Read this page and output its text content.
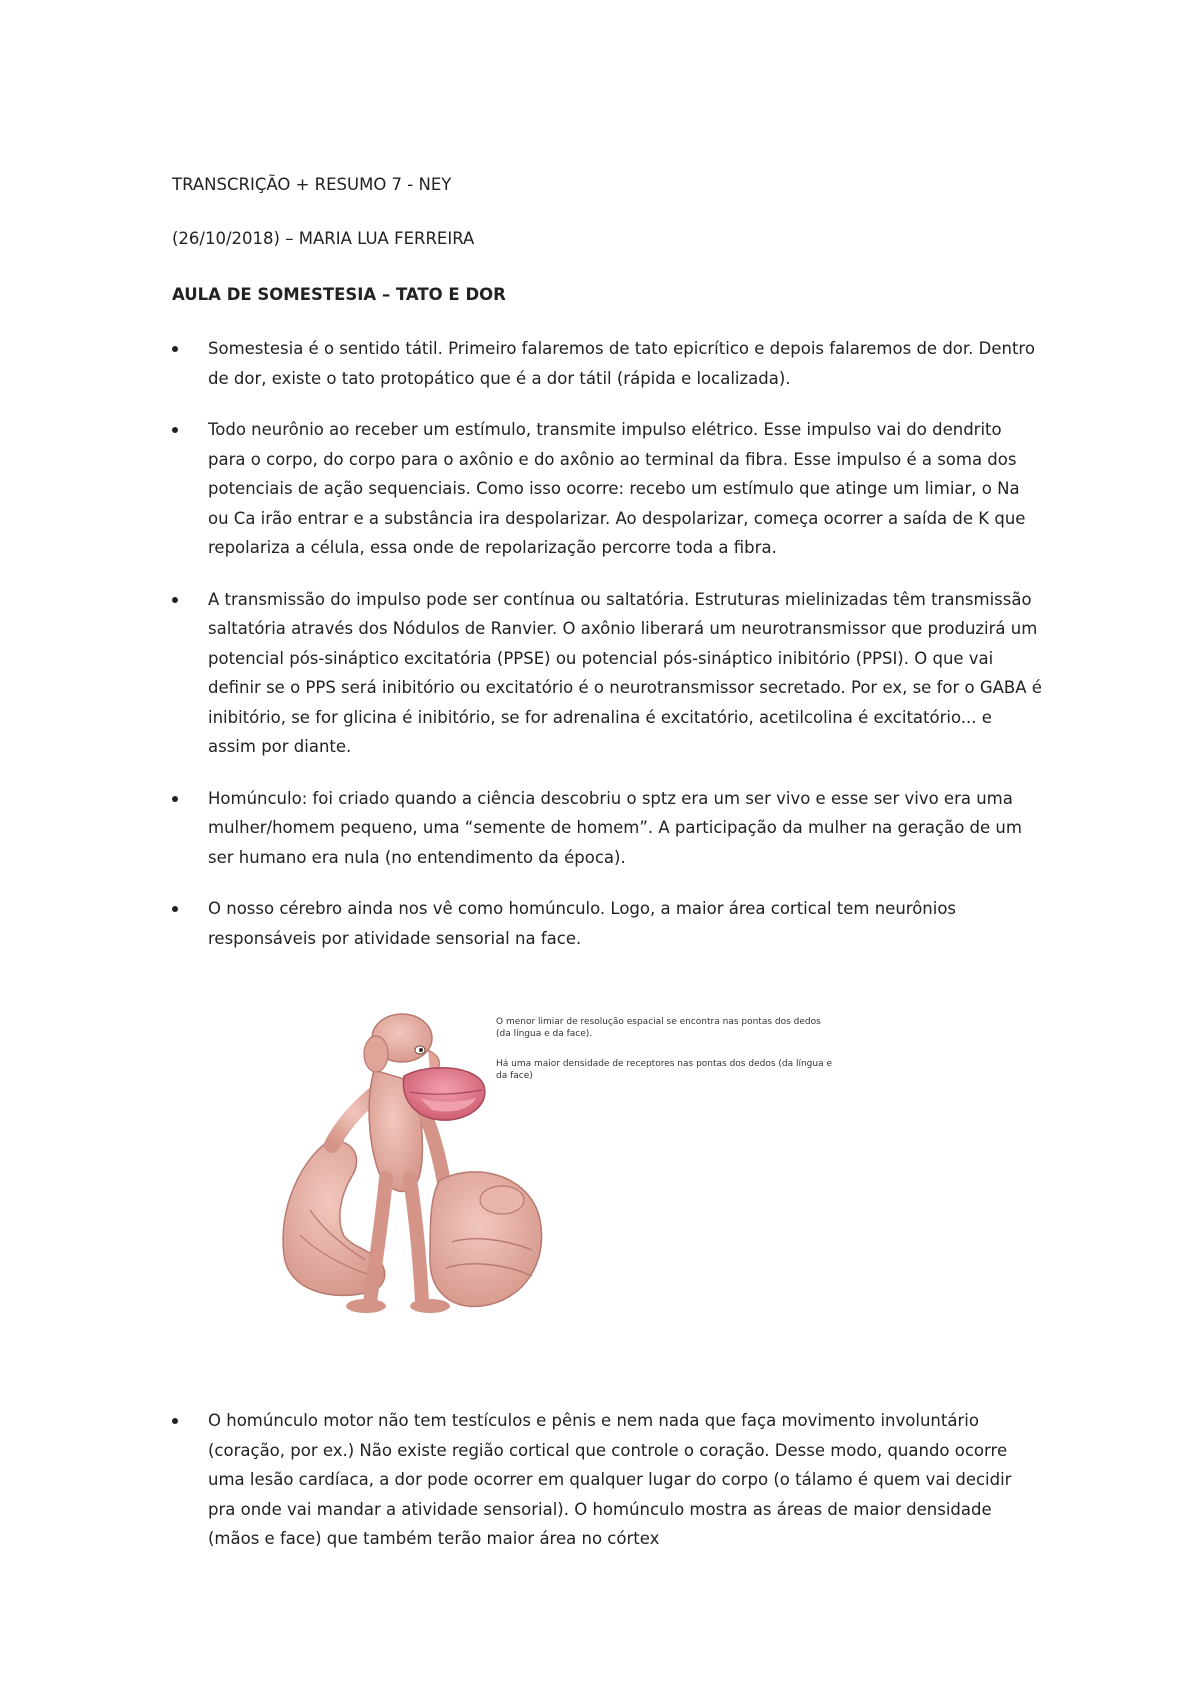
TRANSCRIÇÃO + RESUMO 7 - NEY
(26/10/2018) – MARIA LUA FERREIRA
AULA DE SOMESTESIA – TATO E DOR
Somestesia é o sentido tátil. Primeiro falaremos de tato epicrítico e depois falaremos de dor. Dentro de dor, existe o tato protopático que é a dor tátil (rápida e localizada).
Todo neurônio ao receber um estímulo, transmite impulso elétrico. Esse impulso vai do dendrito para o corpo, do corpo para o axônio e do axônio ao terminal da fibra. Esse impulso é a soma dos potenciais de ação sequenciais. Como isso ocorre: recebo um estímulo que atinge um limiar, o Na ou Ca irão entrar e a substância ira despolarizar. Ao despolarizar, começa ocorrer a saída de K que repolariza a célula, essa onde de repolarização percorre toda a fibra.
A transmissão do impulso pode ser contínua ou saltatória. Estruturas mielinizadas têm transmissão saltatória através dos Nódulos de Ranvier. O axônio liberará um neurotransmissor que produzirá um potencial pós-sináptico excitatória (PPSE) ou potencial pós-sináptico inibitório (PPSI). O que vai definir se o PPS será inibitório ou excitatório é o neurotransmissor secretado. Por ex, se for o GABA é inibitório, se for glicina é inibitório, se for adrenalina é excitatório, acetilcolina é excitatório... e assim por diante.
Homúnculo: foi criado quando a ciência descobriu o sptz era um ser vivo e esse ser vivo era uma mulher/homem pequeno, uma “semente de homem”. A participação da mulher na geração de um ser humano era nula (no entendimento da época).
O nosso cérebro ainda nos vê como homúnculo. Logo, a maior área cortical tem neurônios responsáveis por atividade sensorial na face.
O menor limiar de resolução espacial se encontra nas pontas dos dedos (da língua e da face).
Há uma maior densidade de receptores nas pontas dos dedos (da língua e da face)
O homúnculo motor não tem testículos e pênis e nem nada que faça movimento involuntário (coração, por ex.) Não existe região cortical que controle o coração. Desse modo, quando ocorre uma lesão cardíaca, a dor pode ocorrer em qualquer lugar do corpo (o tálamo é quem vai decidir pra onde vai mandar a atividade sensorial). O homúnculo mostra as áreas de maior densidade (mãos e face) que também terão maior área no córtex
